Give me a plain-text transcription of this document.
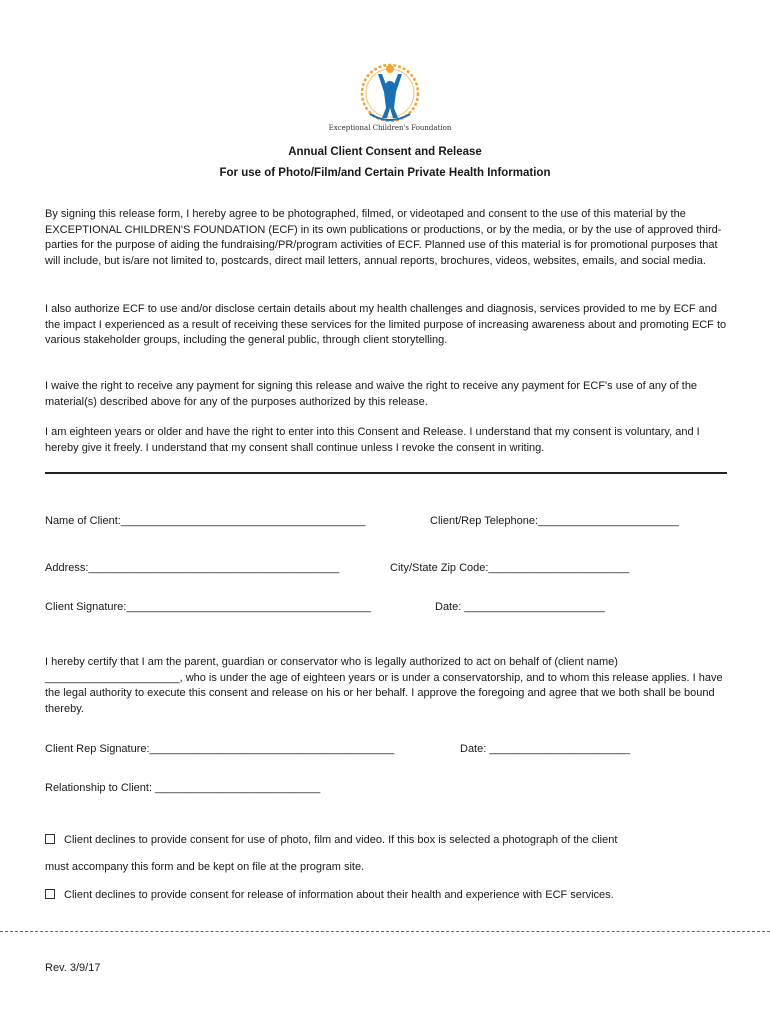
Exceptional Children's Foundation
Annual Client Consent and Release
For use of Photo/Film/and Certain Private Health Information

By signing this release form, I hereby agree to be photographed, filmed, or videotaped and consent to the use of this material by the EXCEPTIONAL CHILDREN'S FOUNDATION (ECF) in its own publications or productions, or by the media, or by the use of approved third-parties for the purpose of aiding the fundraising/PR/program activities of ECF. Planned use of this material is for promotional purposes that will include, but is/are not limited to, postcards, direct mail letters, annual reports, brochures, videos, websites, emails, and social media.

I also authorize ECF to use and/or disclose certain details about my health challenges and diagnosis, services provided to me by ECF and the impact I experienced as a result of receiving these services for the limited purpose of increasing awareness about and promoting ECF to various stakeholder groups, including the general public, through client storytelling.

I waive the right to receive any payment for signing this release and waive the right to receive any payment for ECF's use of any of the material(s) described above for any of the purposes authorized by this release.

I am eighteen years or older and have the right to enter into this Consent and Release. I understand that my consent is voluntary, and I hereby give it freely. I understand that my consent shall continue unless I revoke the consent in writing.

Name of Client:________________________________________	Client/Rep Telephone:_______________________
Address:_________________________________________	City/State Zip Code:_______________________
Client Signature:________________________________________	Date: _______________________

I hereby certify that I am the parent, guardian or conservator who is legally authorized to act on behalf of (client name) ______________________, who is under the age of eighteen years or is under a conservatorship, and to whom this release applies. I have the legal authority to execute this consent and release on his or her behalf. I approve the foregoing and agree that we both shall be bound thereby.

Client Rep Signature:________________________________________	Date: _______________________
Relationship to Client: ___________________________
Client declines to provide consent for use of photo, film and video. If this box is selected a photograph of the client
must accompany this form and be kept on file at the program site.
Client declines to provide consent for release of information about their health and experience with ECF services.
Rev. 3/9/17
